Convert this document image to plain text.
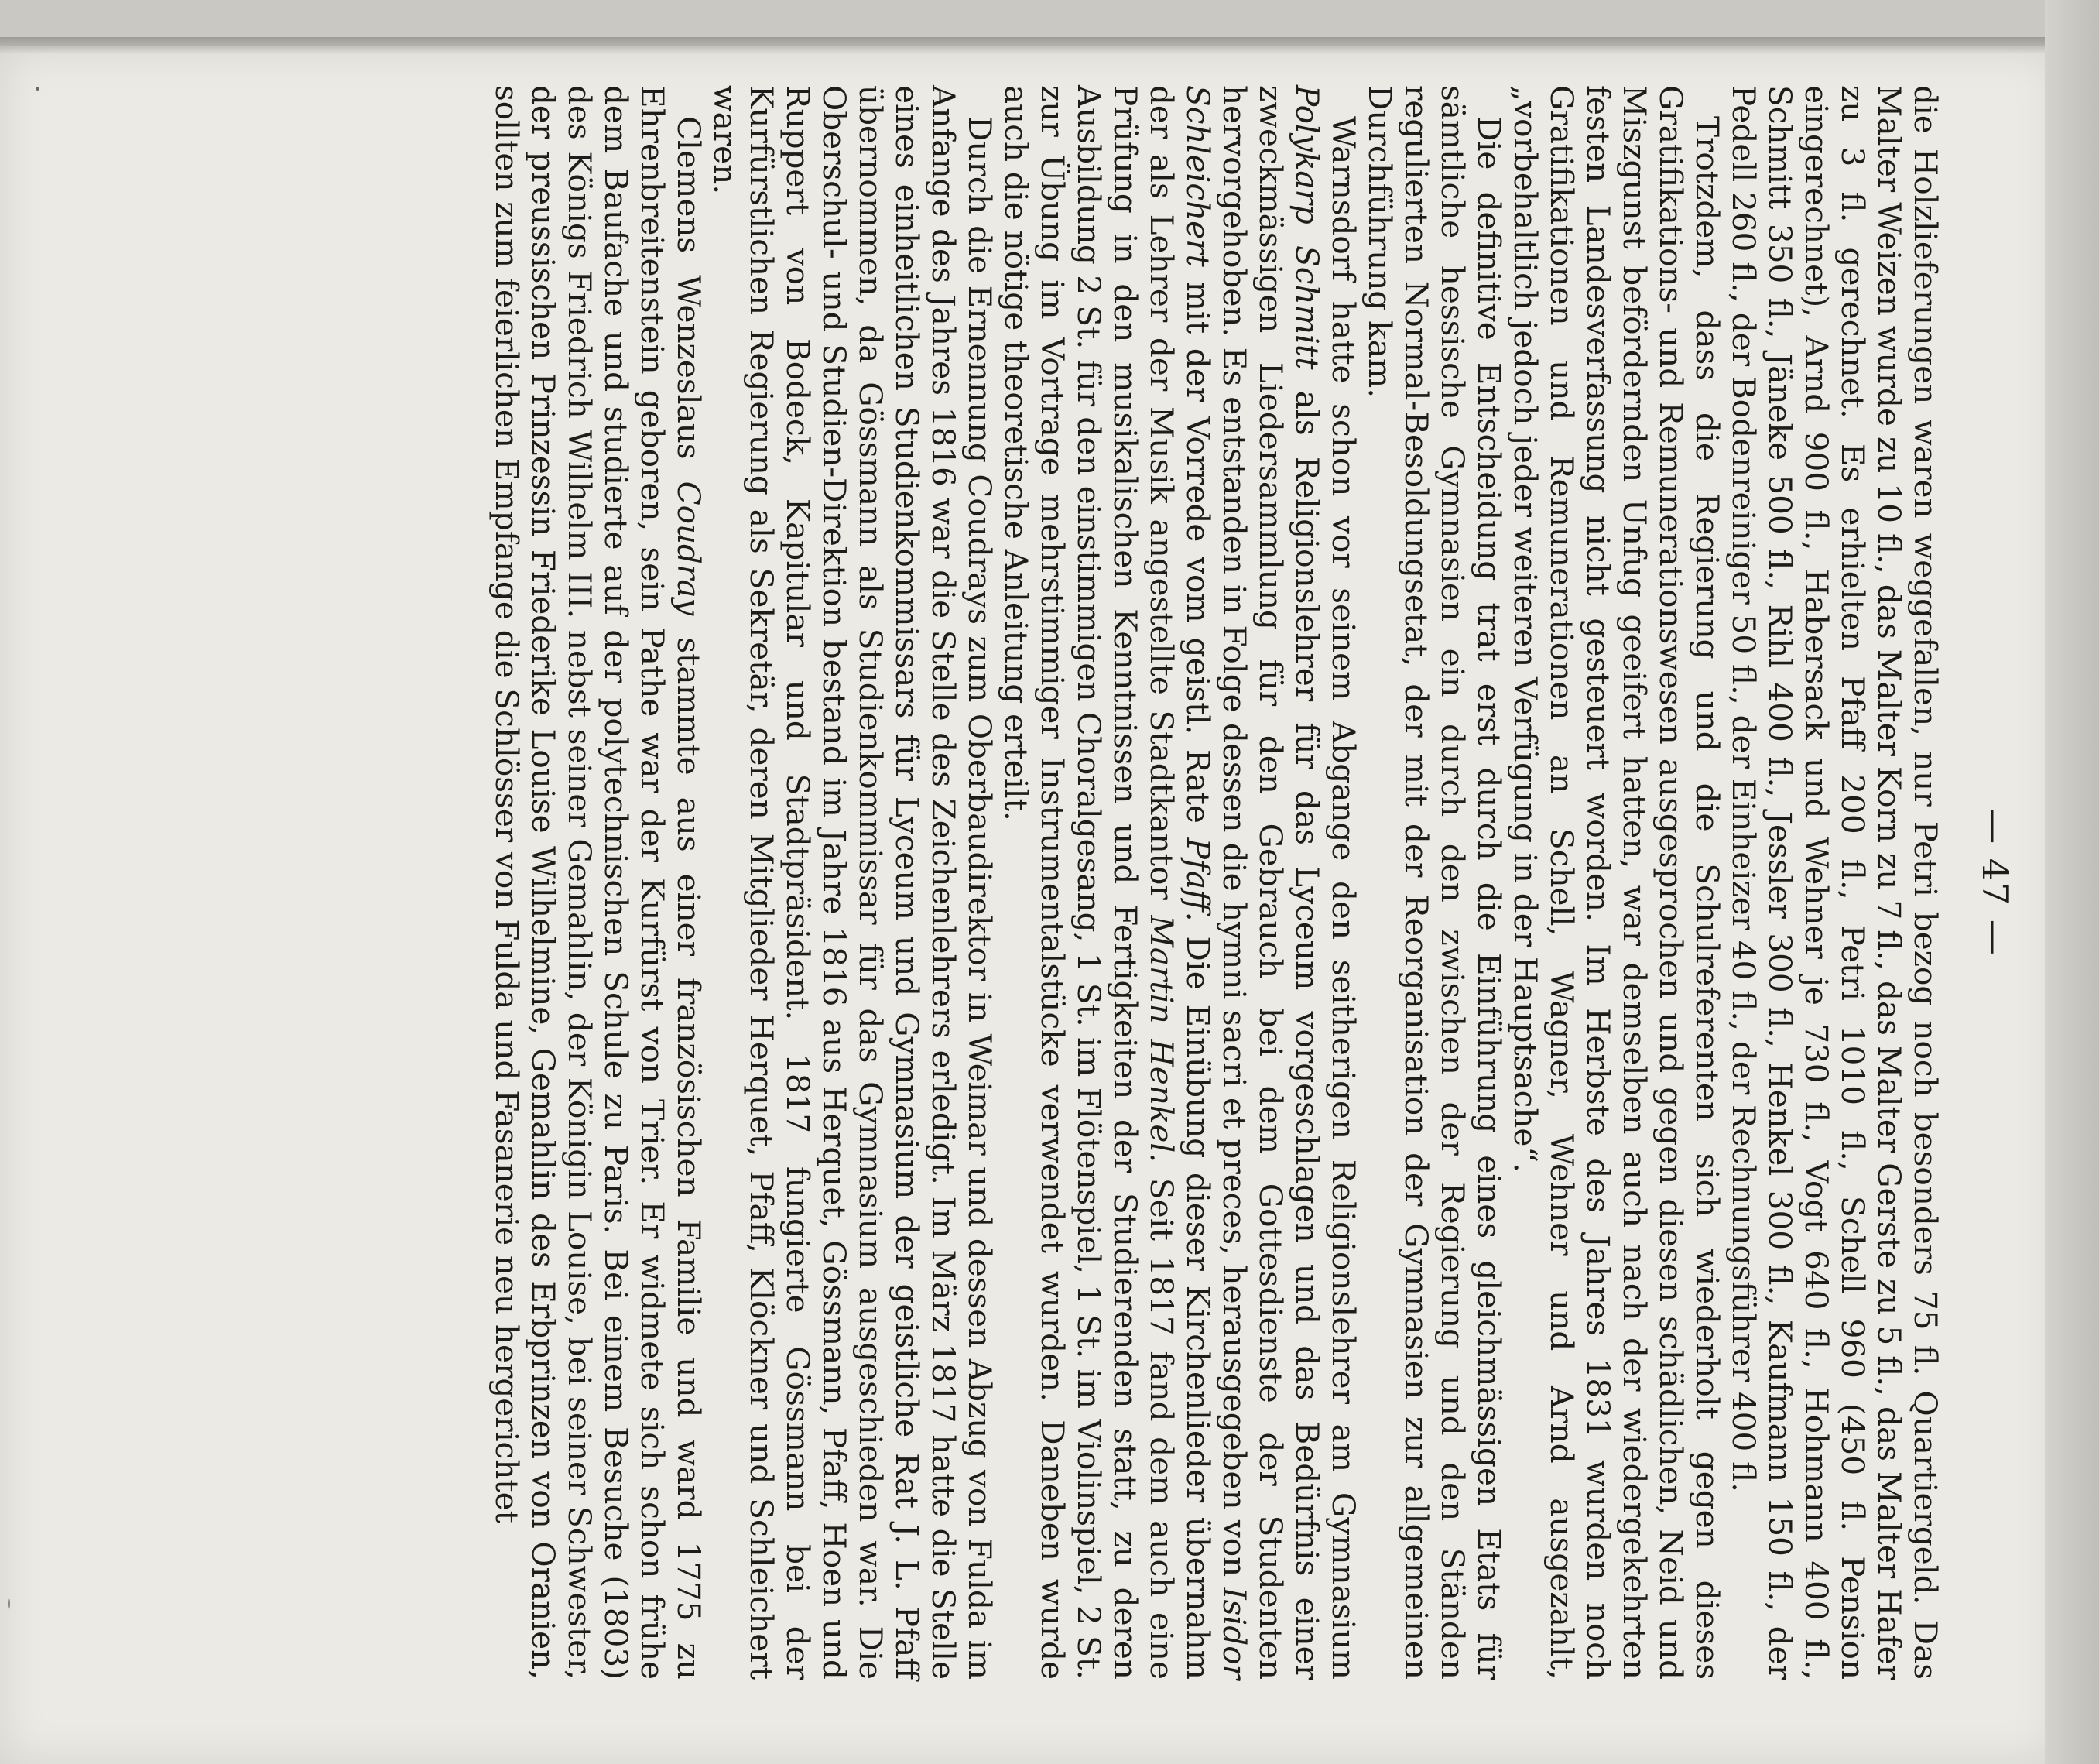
— 47 —

die Holzlieferungen waren weggefallen, nur Petri bezog noch besonders 75 fl. Quartiergeld. Das Malter Weizen wurde zu 10 fl., das Malter Korn zu 7 fl., das Malter Gerste zu 5 fl., das Malter Hafer zu 3 fl. gerechnet. Es erhielten Pfaff 200 fl., Petri 1010 fl., Schell 960 (450 fl. Pension eingerechnet), Arnd 900 fl., Habersack und Wehner je 730 fl., Vogt 640 fl., Hohmann 400 fl., Schmitt 350 fl., Jäneke 500 fl., Rihl 400 fl., Jessler 300 fl., Henkel 300 fl., Kaufmann 150 fl., der Pedell 260 fl., der Bodenreiniger 50 fl., der Einheizer 40 fl., der Rechnungsführer 400 fl.

Trotzdem, dass die Regierung und die Schulreferenten sich wiederholt gegen dieses Gratifikations- und Remunerationswesen ausgesprochen und gegen diesen schädlichen, Neid und Miszgunst befördernden Unfug geeifert hatten, war demselben auch nach der wiedergekehrten festen Landesverfassung nicht gesteuert worden. Im Herbste des Jahres 1831 wurden noch Gratifikationen und Remunerationen an Schell, Wagner, Wehner und Arnd ausgezahlt, „vorbehaltlich jedoch jeder weiteren Verfügung in der Hauptsache“.

Die definitive Entscheidung trat erst durch die Einführung eines gleichmässigen Etats für sämtliche hessische Gymnasien ein durch den zwischen der Regierung und den Ständen regulierten Normal-Besoldungsetat, der mit der Reorganisation der Gymnasien zur allgemeinen Durchführung kam.

Warnsdorf hatte schon vor seinem Abgange den seitherigen Religionslehrer am Gymnasium Polykarp Schmitt als Religionslehrer für das Lyceum vorgeschlagen und das Bedürfnis einer zweckmässigen Liedersammlung für den Gebrauch bei dem Gottesdienste der Studenten hervorgehoben. Es entstanden in Folge dessen die hymni sacri et preces, herausgegeben von Isidor Schleichert mit der Vorrede vom geistl. Rate Pfaff. Die Einübung dieser Kirchenlieder übernahm der als Lehrer der Musik angestellte Stadtkantor Martin Henkel. Seit 1817 fand dem auch eine Prüfung in den musikalischen Kenntnissen und Fertigkeiten der Studierenden statt, zu deren Ausbildung 2 St. für den einstimmigen Choralgesang, 1 St. im Flötenspiel, 1 St. im Violinspiel, 2 St. zur Übung im Vortrage mehrstimmiger Instrumentalstücke verwendet wurden. Daneben wurde auch die nötige theoretische Anleitung erteilt.

Durch die Ernennung Coudrays zum Oberbaudirektor in Weimar und dessen Abzug von Fulda im Anfange des Jahres 1816 war die Stelle des Zeichenlehrers erledigt. Im März 1817 hatte die Stelle eines einheitlichen Studienkommissars für Lyceum und Gymnasium der geistliche Rat J. L. Pfaff übernommen, da Gössmann als Studienkommissar für das Gymnasium ausgeschieden war. Die Oberschul- und Studien-Direktion bestand im Jahre 1816 aus Herquet, Gössmann, Pfaff, Hoen und Ruppert von Bodeck, Kapitular und Stadtpräsident. 1817 fungierte Gössmann bei der Kurfürstlichen Regierung als Sekretär, deren Mitglieder Herquet, Pfaff, Klöckner und Schleichert waren.

Clemens Wenzeslaus Coudray stammte aus einer französischen Familie und ward 1775 zu Ehrenbreitenstein geboren, sein Pathe war der Kurfürst von Trier. Er widmete sich schon frühe dem Baufache und studierte auf der polytechnischen Schule zu Paris. Bei einem Besuche (1803) des Königs Friedrich Wilhelm III. nebst seiner Gemahlin, der Königin Louise, bei seiner Schwester, der preussischen Prinzessin Friederike Louise Wilhelmine, Gemahlin des Erbprinzen von Oranien, sollten zum feierlichen Empfange die Schlösser von Fulda und Fasanerie neu hergerichtet
